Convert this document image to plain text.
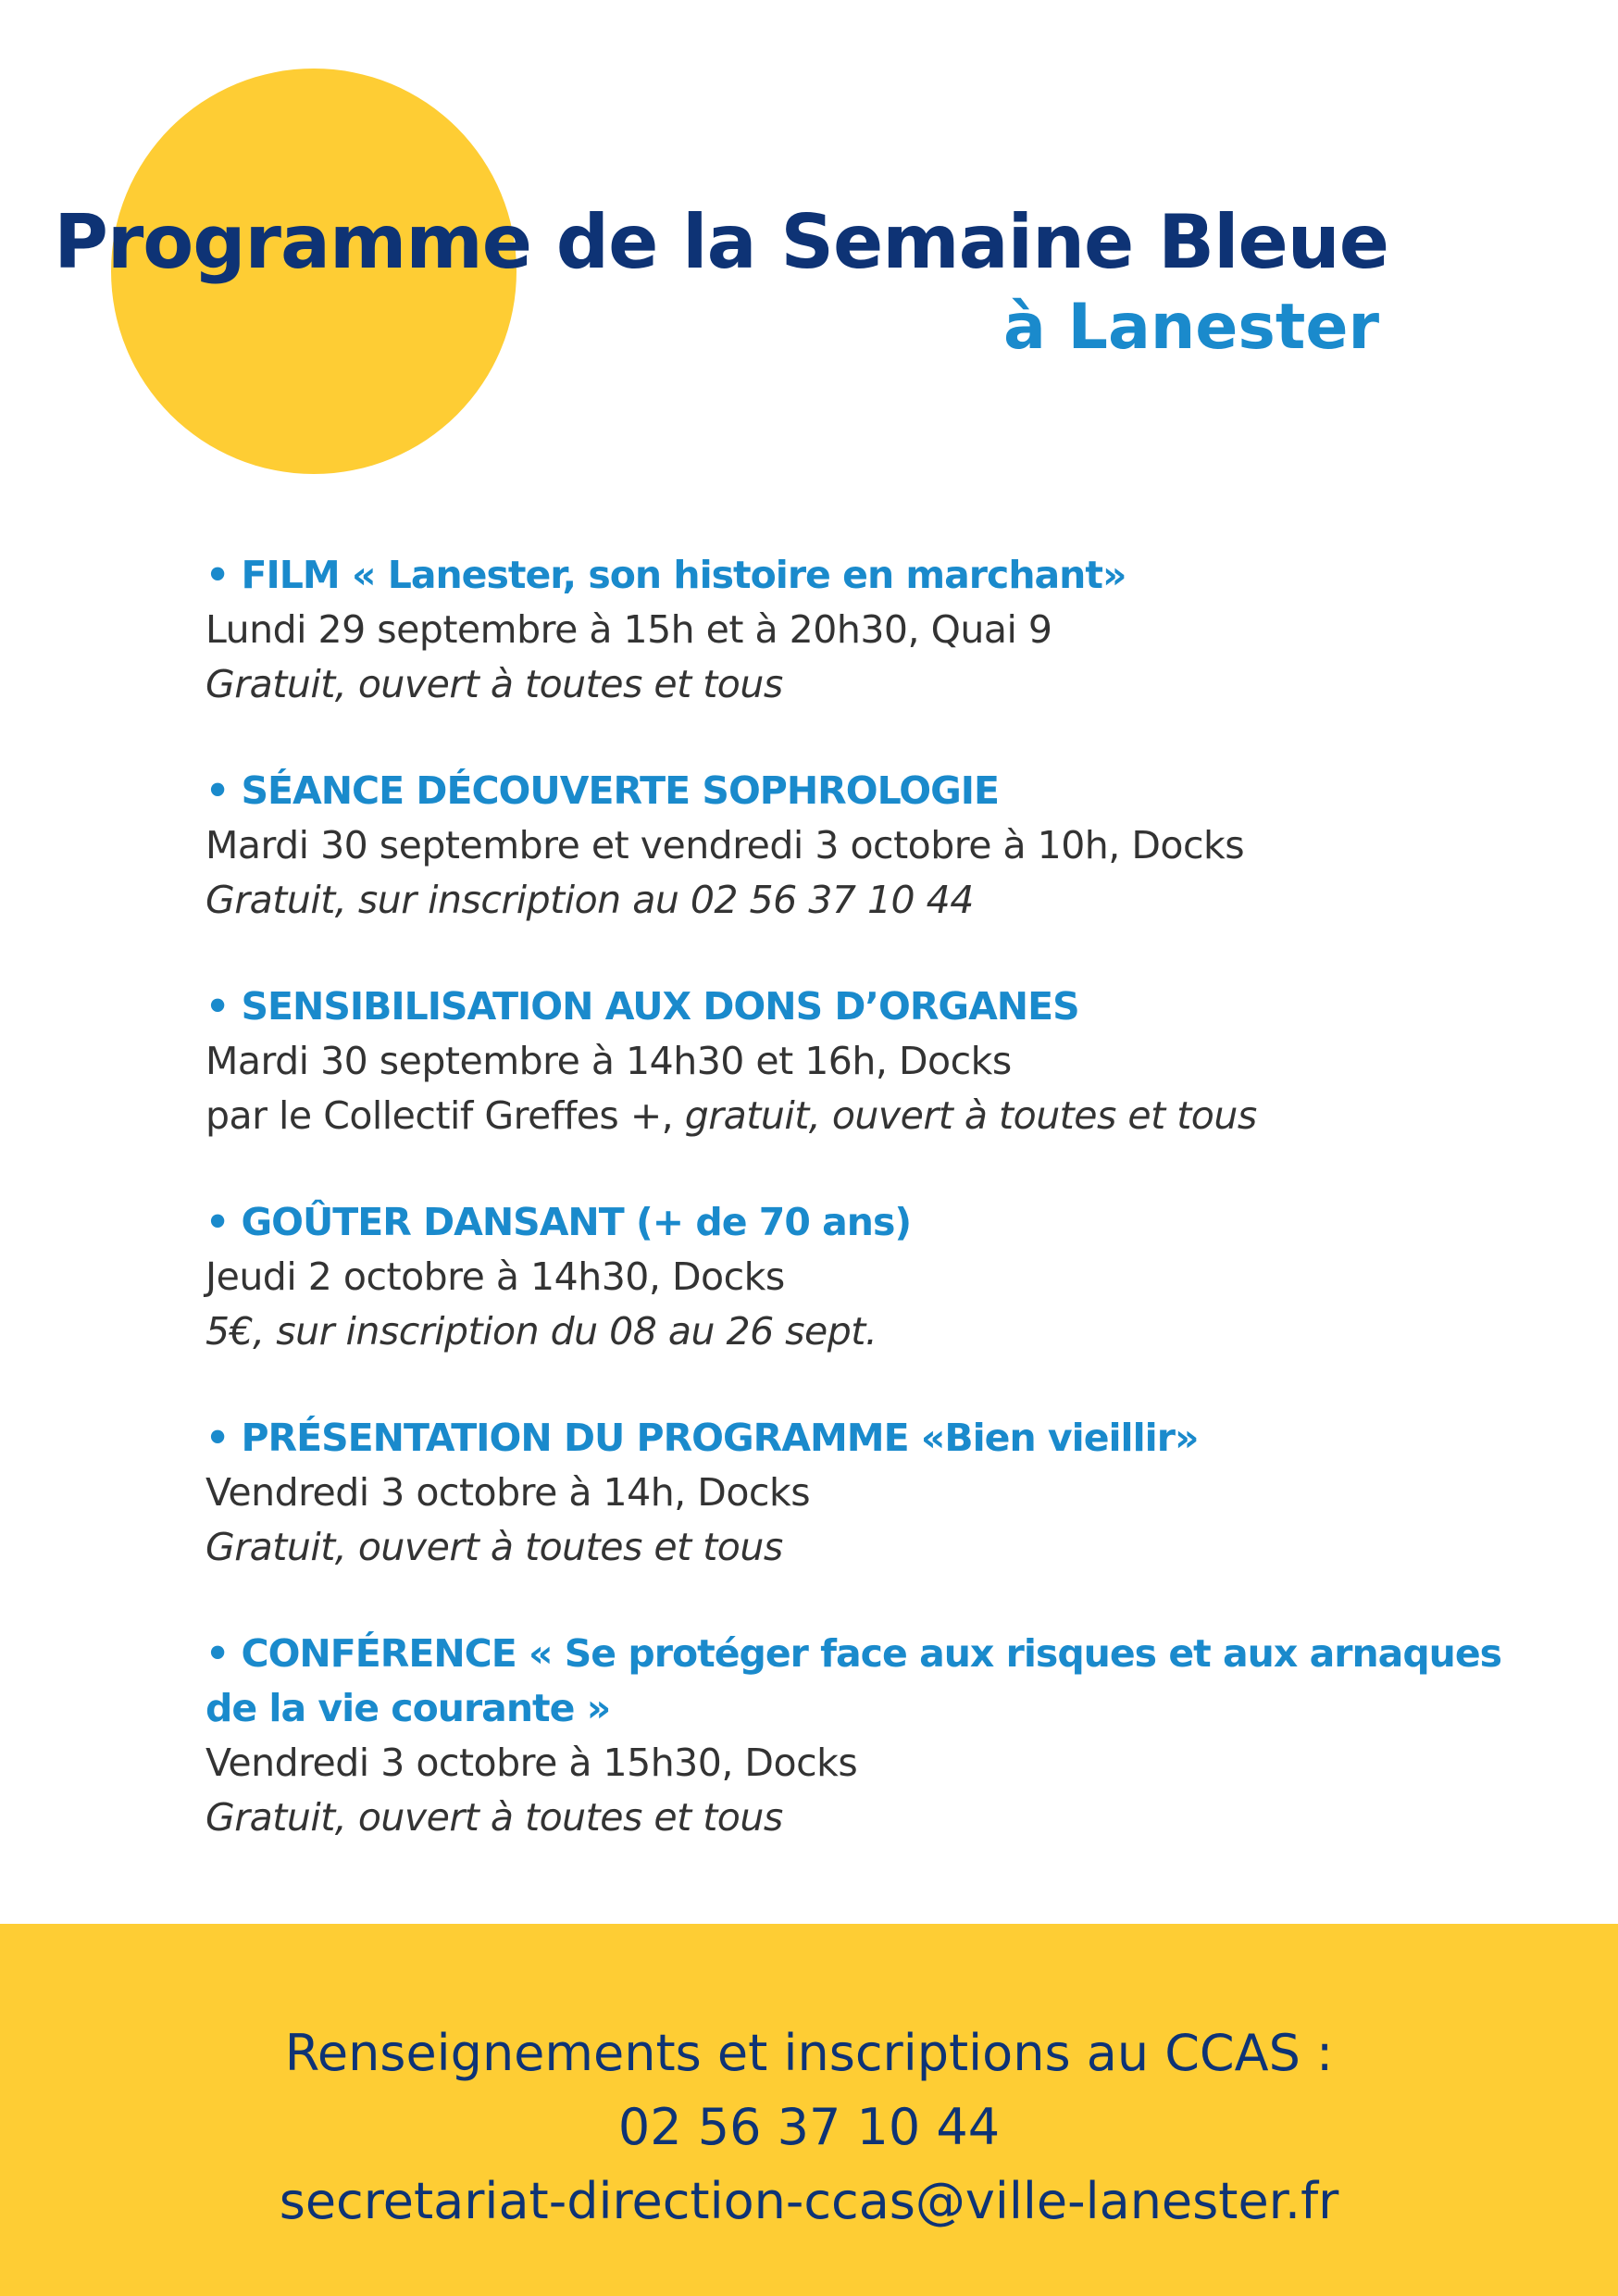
Programme de la Semaine Bleue
à Lanester
• FILM « Lanester, son histoire en marchant»
Lundi 29 septembre à 15h et à 20h30, Quai 9
Gratuit, ouvert à toutes et tous
• SÉANCE DÉCOUVERTE SOPHROLOGIE
Mardi 30 septembre et vendredi 3 octobre à 10h, Docks
Gratuit, sur inscription au 02 56 37 10 44
• SENSIBILISATION AUX DONS D’ORGANES
Mardi 30 septembre à 14h30 et 16h, Docks
par le Collectif Greffes +, gratuit, ouvert à toutes et tous
• GOÛTER DANSANT (+ de 70 ans)
Jeudi 2 octobre à 14h30, Docks
5€, sur inscription du 08 au 26 sept.
• PRÉSENTATION DU PROGRAMME «Bien vieillir»
Vendredi 3 octobre à 14h, Docks
Gratuit, ouvert à toutes et tous
• CONFÉRENCE « Se protéger face aux risques et aux arnaques
de la vie courante »
Vendredi 3 octobre à 15h30, Docks
Gratuit, ouvert à toutes et tous
Renseignements et inscriptions au CCAS :
02 56 37 10 44
secretariat-direction-ccas@ville-lanester.fr
